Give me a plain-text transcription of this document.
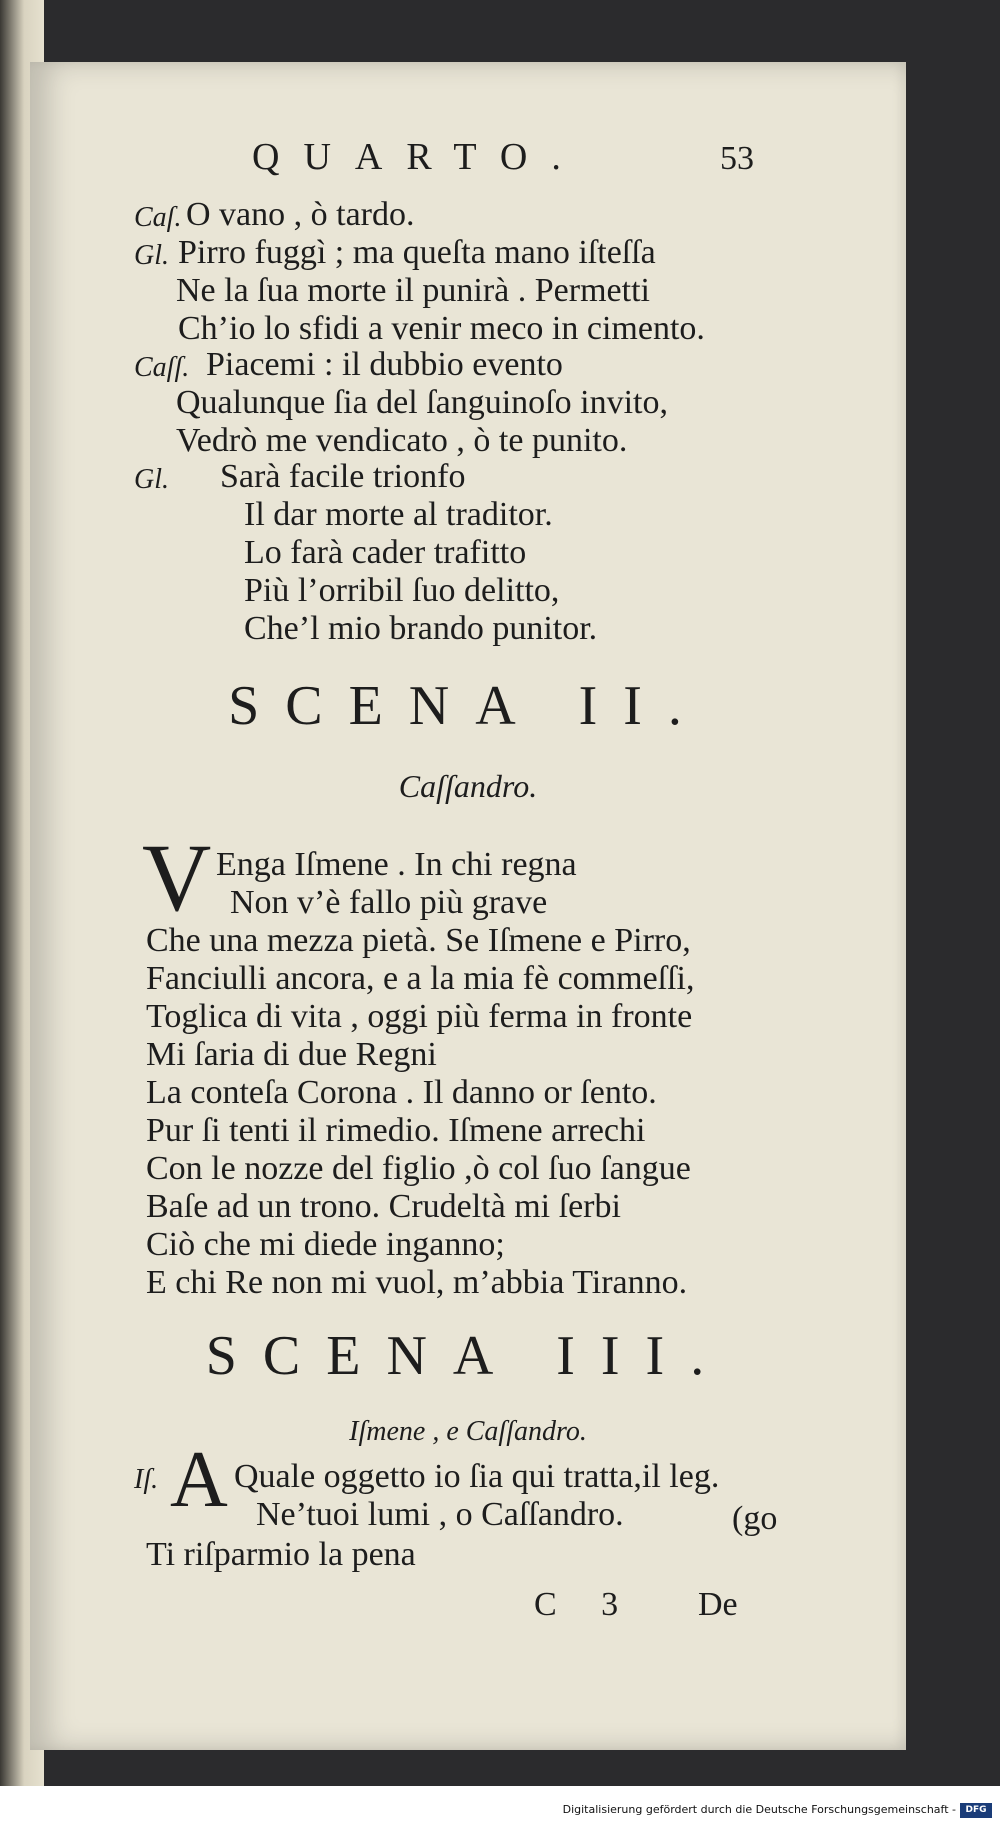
QUARTO.	53
Caſ. O vano , ò tardo.
Gl. Pirro fuggì ; ma queſta mano iſteſſa
Ne la ſua morte il punirà . Permetti
Ch’io lo sfidi a venir meco in cimento.
Caſſ. Piacemi : il dubbio evento
Qualunque ſia del ſanguinoſo invito,
Vedrò me vendicato , ò te punito.
Gl. Sarà facile trionfo
Il dar morte al traditor.
Lo farà cader trafitto
Più l’orribil ſuo delitto,
Che’l mio brando punitor.
SCENA II.
Caſſandro.
V Enga Iſmene . In chi regna
Non v’è fallo più grave
Che una mezza pietà. Se Iſmene e Pirro,
Fanciulli ancora, e a la mia fè commeſſi,
Toglica di vita , oggi più ferma in fronte
Mi ſaria di due Regni
La conteſa Corona . Il danno or ſento.
Pur ſi tenti il rimedio. Iſmene arrechi
Con le nozze del figlio ,ò col ſuo ſangue
Baſe ad un trono. Crudeltà mi ſerbi
Ciò che mi diede inganno;
E chi Re non mi vuol, m’abbia Tiranno.
SCENA III.
Iſmene , e Caſſandro.
Iſ. A Quale oggetto io ſia qui tratta,il leg.
Ne’tuoi lumi , o Caſſandro.	(go
Ti riſparmio la pena
C 3 De
Digitalisierung gefördert durch die Deutsche Forschungsgemeinschaft -	DFG
